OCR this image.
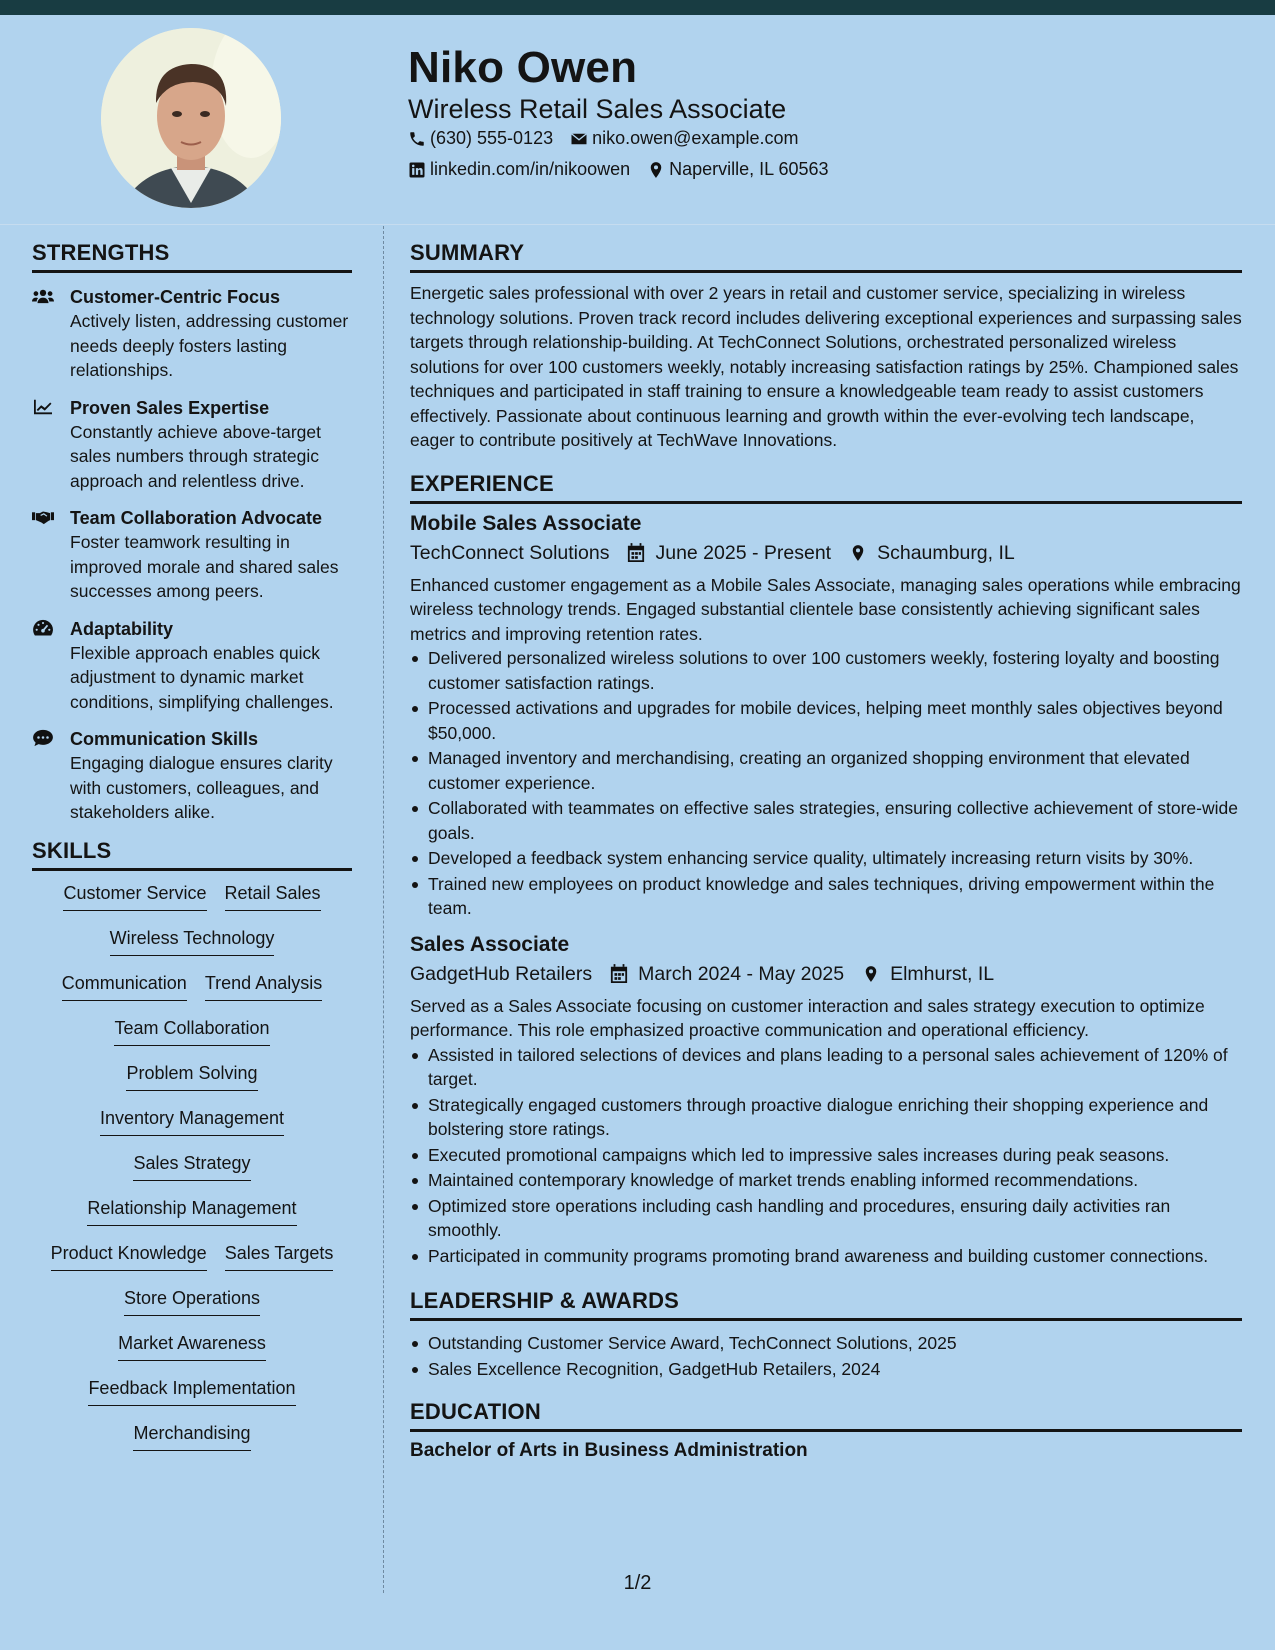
Niko Owen
Wireless Retail Sales Associate
(630) 555-0123 niko.owen@example.com
linkedin.com/in/nikoowen Naperville, IL 60563
STRENGTHS
Customer-Centric Focus
Actively listen, addressing customer needs deeply fosters lasting relationships.
Proven Sales Expertise
Constantly achieve above-target sales numbers through strategic approach and relentless drive.
Team Collaboration Advocate
Foster teamwork resulting in improved morale and shared sales successes among peers.
Adaptability
Flexible approach enables quick adjustment to dynamic market conditions, simplifying challenges.
Communication Skills
Engaging dialogue ensures clarity with customers, colleagues, and stakeholders alike.
SKILLS
Customer Service Retail Sales
Wireless Technology
Communication Trend Analysis
Team Collaboration
Problem Solving
Inventory Management
Sales Strategy
Relationship Management
Product Knowledge Sales Targets
Store Operations
Market Awareness
Feedback Implementation
Merchandising
SUMMARY

Energetic sales professional with over 2 years in retail and customer service, specializing in wireless technology solutions. Proven track record includes delivering exceptional experiences and surpassing sales targets through relationship-building. At TechConnect Solutions, orchestrated personalized wireless solutions for over 100 customers weekly, notably increasing satisfaction ratings by 25%. Championed sales techniques and participated in staff training to ensure a knowledgeable team ready to assist customers effectively. Passionate about continuous learning and growth within the ever-evolving tech landscape, eager to contribute positively at TechWave Innovations.

EXPERIENCE
Mobile Sales Associate
TechConnect Solutions June 2025 - Present Schaumburg, IL

Enhanced customer engagement as a Mobile Sales Associate, managing sales operations while embracing wireless technology trends. Engaged substantial clientele base consistently achieving significant sales metrics and improving retention rates.

Delivered personalized wireless solutions to over 100 customers weekly, fostering loyalty and boosting customer satisfaction ratings.
Processed activations and upgrades for mobile devices, helping meet monthly sales objectives beyond $50,000.
Managed inventory and merchandising, creating an organized shopping environment that elevated customer experience.
Collaborated with teammates on effective sales strategies, ensuring collective achievement of store-wide goals.
Developed a feedback system enhancing service quality, ultimately increasing return visits by 30%.
Trained new employees on product knowledge and sales techniques, driving empowerment within the team.
Sales Associate
GadgetHub Retailers March 2024 - May 2025 Elmhurst, IL

Served as a Sales Associate focusing on customer interaction and sales strategy execution to optimize performance. This role emphasized proactive communication and operational efficiency.

Assisted in tailored selections of devices and plans leading to a personal sales achievement of 120% of target.
Strategically engaged customers through proactive dialogue enriching their shopping experience and bolstering store ratings.
Executed promotional campaigns which led to impressive sales increases during peak seasons.
Maintained contemporary knowledge of market trends enabling informed recommendations.
Optimized store operations including cash handling and procedures, ensuring daily activities ran smoothly.
Participated in community programs promoting brand awareness and building customer connections.
LEADERSHIP & AWARDS
Outstanding Customer Service Award, TechConnect Solutions, 2025
Sales Excellence Recognition, GadgetHub Retailers, 2024
EDUCATION
Bachelor of Arts in Business Administration
1/2
